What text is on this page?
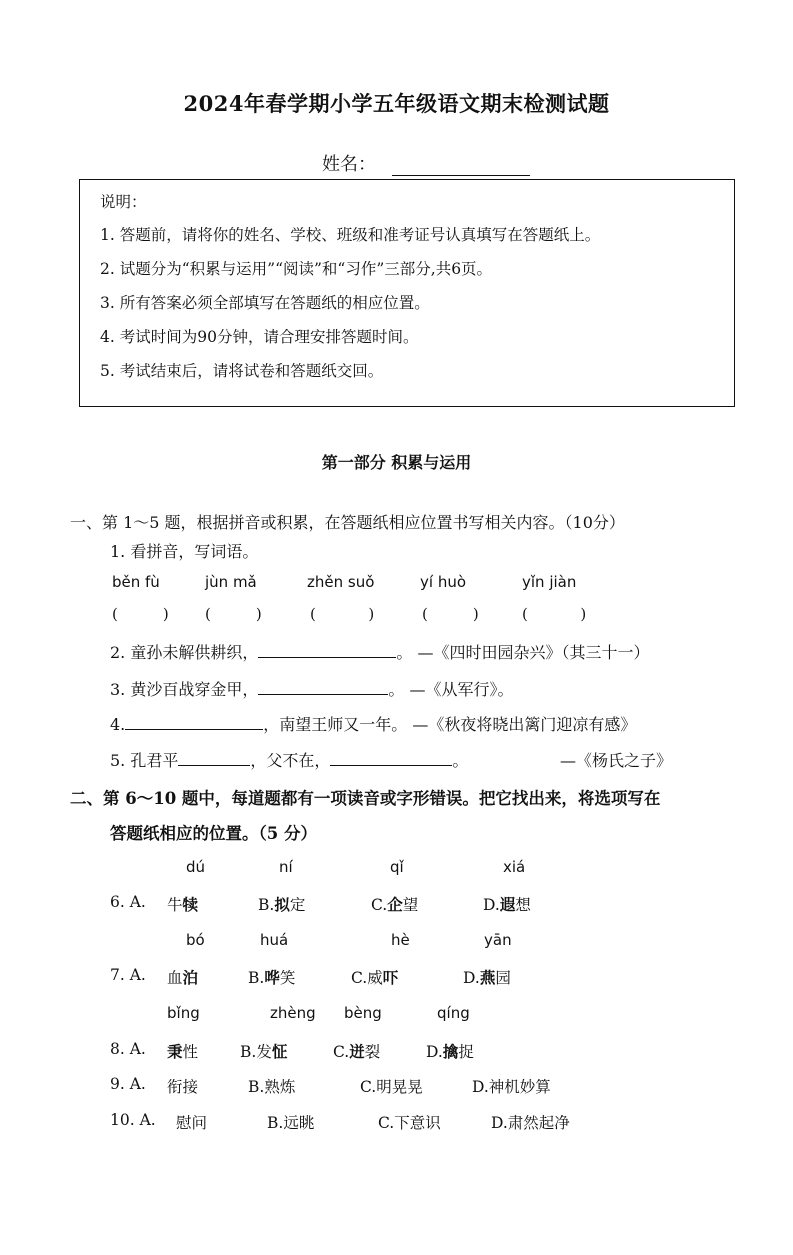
2024年春学期小学五年级语文期末检测试题
姓名：
说明：
1. 答题前，请将你的姓名、学校、班级和准考证号认真填写在答题纸上。
2. 试题分为“积累与运用”“阅读”和“习作”三部分,共6页。
3. 所有答案必须全部填写在答题纸的相应位置。
4. 考试时间为90分钟，请合理安排答题时间。
5. 考试结束后，请将试卷和答题纸交回。
第一部分 积累与运用
一、第 1～5 题，根据拼音或积累，在答题纸相应位置书写相关内容。（10分）
1. 看拼音，写词语。
běn fù	jùn mǎ	zhěn suǒ	yí huò	yǐn jiàn
(   ) (   )	(    )	(   )	(    )
2. 童孙未解供耕织，	。 —《四时田园杂兴》（其三十一）
3. 黄沙百战穿金甲，	。 —《从军行》。
4.	，南望王师又一年。 —《秋夜将晓出篱门迎凉有感》
5. 孔君平	，父不在，	。	—《杨氏之子》
二、第 6～10 题中，每道题都有一项读音或字形错误。把它找出来，将选项写在
答题纸相应的位置。（5 分）
dú	ní	qǐ	xiá
6. A. 牛犊	B.拟定	C.企望	D.遐想
bó	huá	hè	yān
7. A. 血泊	B.哗笑	C.威吓	D.燕园
bǐng	zhèng bèng	qíng
8. A. 秉性	B.发怔	C.迸裂	D.擒捉
9. A. 衔接	B.熟炼	C.明晃晃	D.神机妙算
10. A. 慰问	B.远眺	C.下意识	D.肃然起净
